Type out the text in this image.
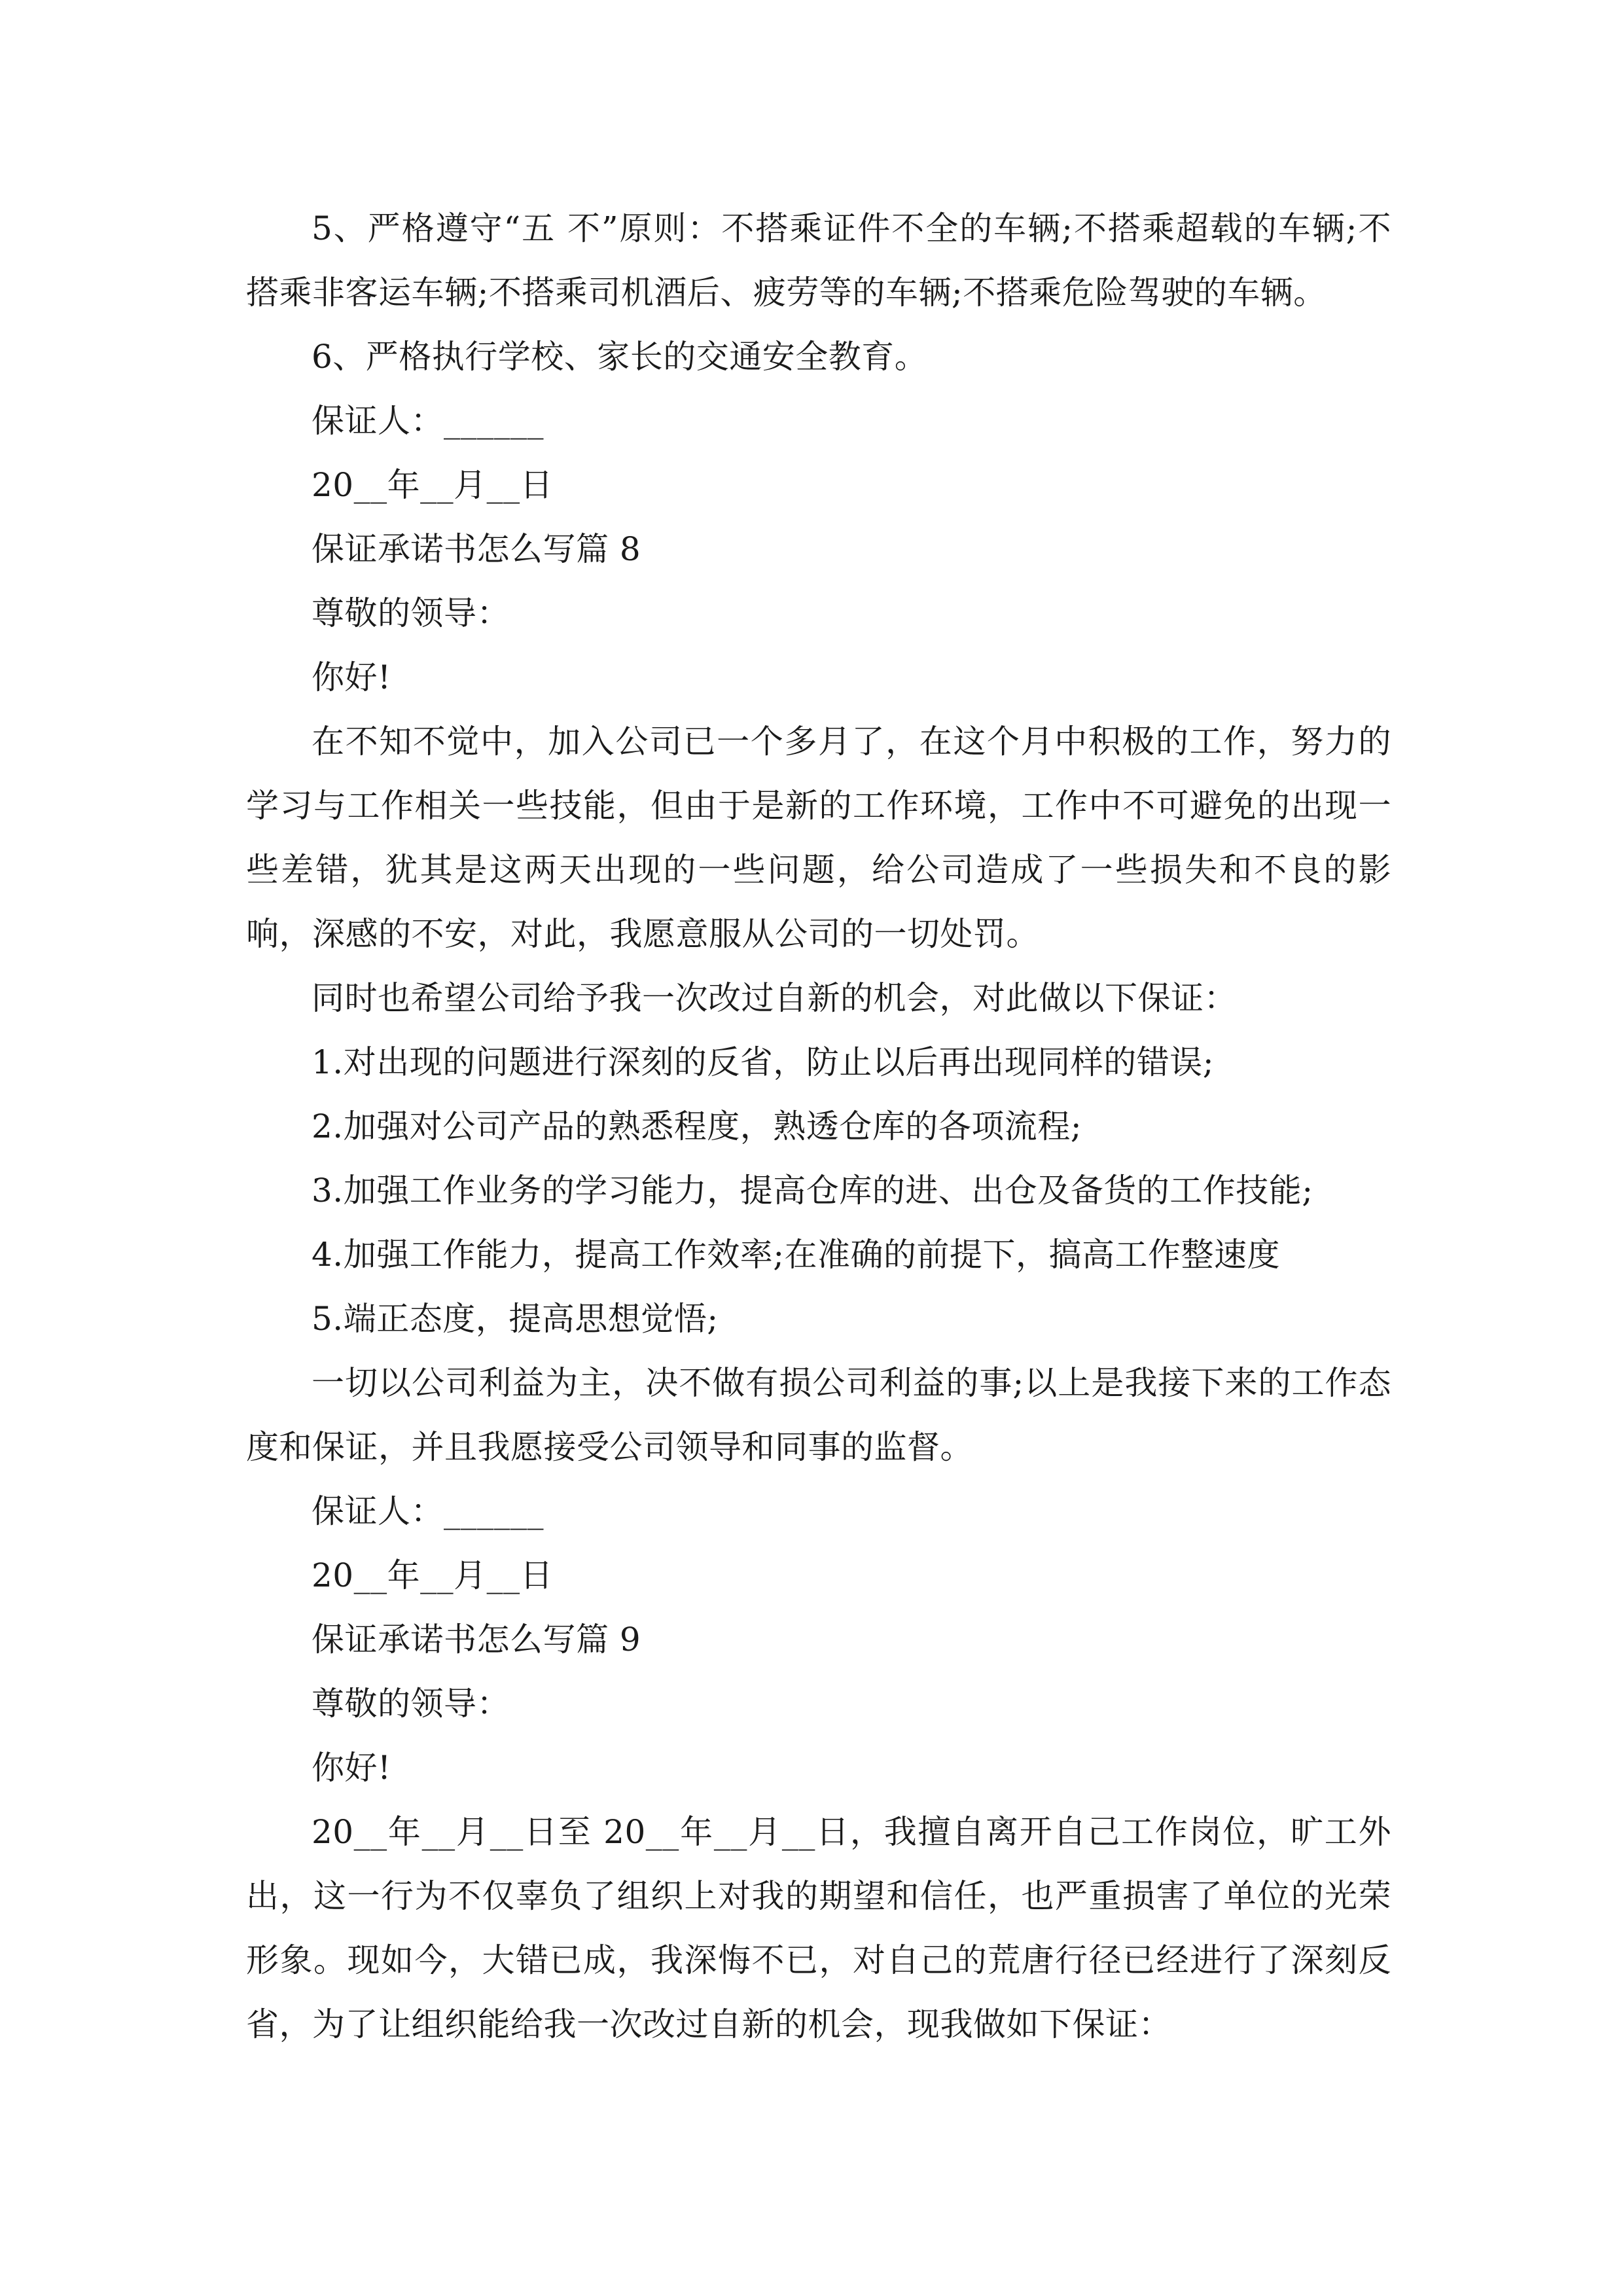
5、严格遵守“五 不”原则：不搭乘证件不全的车辆;不搭乘超载的车辆;不搭乘非客运车辆;不搭乘司机酒后、疲劳等的车辆;不搭乘危险驾驶的车辆。

6、严格执行学校、家长的交通安全教育。

保证人：______

20__年__月__日

保证承诺书怎么写篇 8

尊敬的领导：

你好!

在不知不觉中，加入公司已一个多月了，在这个月中积极的工作，努力的学习与工作相关一些技能，但由于是新的工作环境，工作中不可避免的出现一些差错，犹其是这两天出现的一些问题，给公司造成了一些损失和不良的影响，深感的不安，对此，我愿意服从公司的一切处罚。

同时也希望公司给予我一次改过自新的机会，对此做以下保证：

1.对出现的问题进行深刻的反省，防止以后再出现同样的错误;

2.加强对公司产品的熟悉程度，熟透仓库的各项流程;

3.加强工作业务的学习能力，提高仓库的进、出仓及备货的工作技能;

4.加强工作能力，提高工作效率;在准确的前提下，搞高工作整速度

5.端正态度，提高思想觉悟;

一切以公司利益为主，决不做有损公司利益的事;以上是我接下来的工作态度和保证，并且我愿接受公司领导和同事的监督。

保证人：______

20__年__月__日

保证承诺书怎么写篇 9

尊敬的领导：

你好!

20__年__月__日至 20__年__月__日，我擅自离开自己工作岗位，旷工外出，这一行为不仅辜负了组织上对我的期望和信任，也严重损害了单位的光荣形象。现如今，大错已成，我深悔不已，对自己的荒唐行径已经进行了深刻反省，为了让组织能给我一次改过自新的机会，现我做如下保证：
